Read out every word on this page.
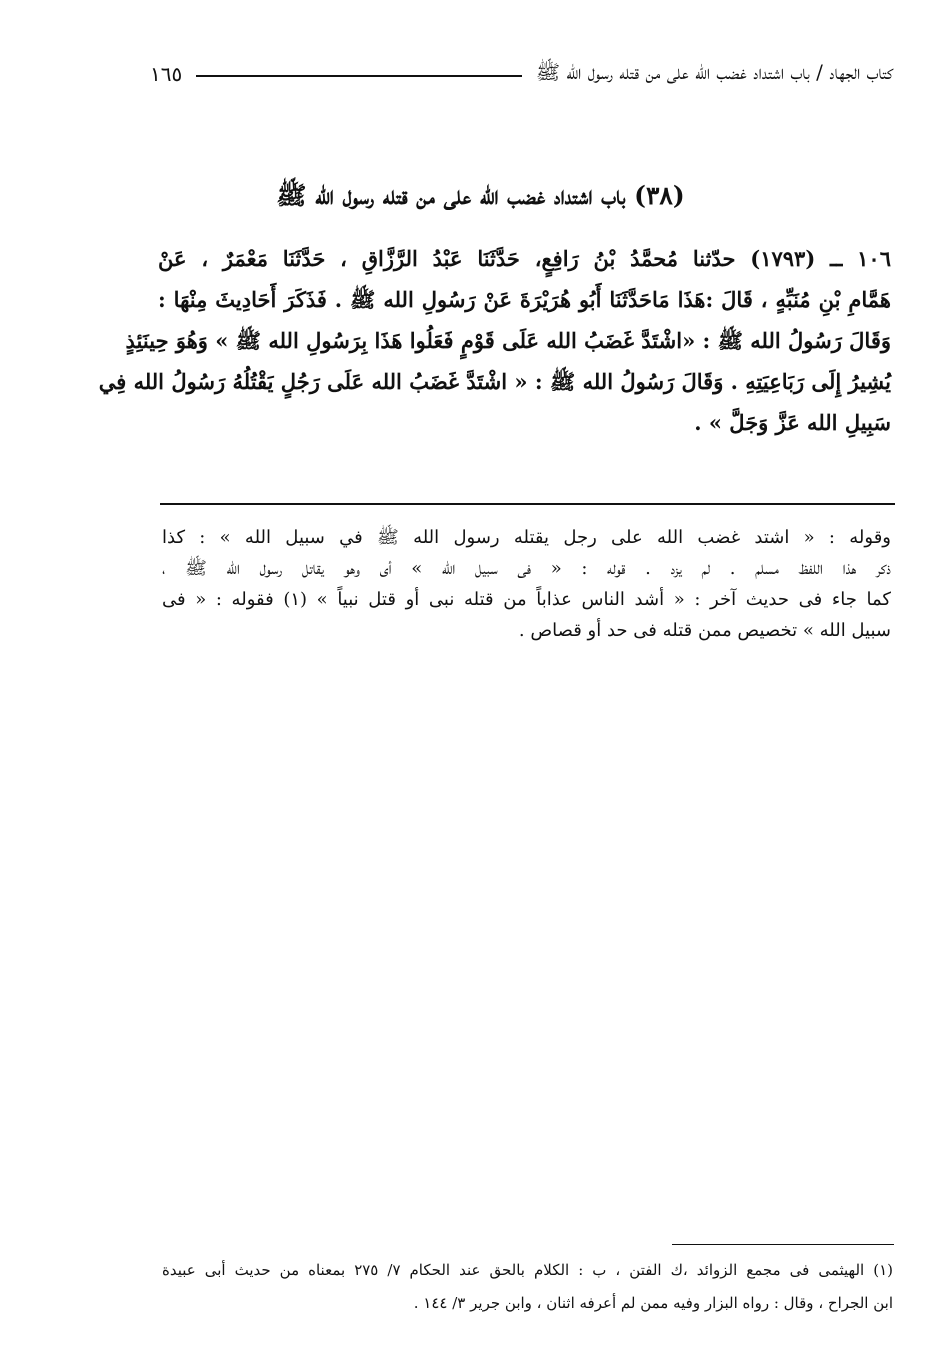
كتاب الجهاد / باب اشتداد غضب الله على من قتله رسول الله ﷺ
١٦٥
(٣٨) باب اشتداد غضب الله على من قتله رسول الله ﷺ
١٠٦ ــ (١٧٩٣) حدّثنا مُحمَّدُ بْنُ رَافِعٍ، حَدَّثَنَا عَبْدُ الرَّزَّاقِ ، حَدَّثَنَا مَعْمَرٌ ، عَنْ
هَمَّامِ بْنِ مُنَبِّهٍ ، قَالَ :هَذَا مَاحَدَّثَنَا أَبُو هُرَيْرَةَ عَنْ رَسُولِ الله ﷺ . فَذَكَرَ أَحَادِيثَ مِنْهَا :
وَقَالَ رَسُولُ الله ﷺ : «اشْتَدَّ غَضَبُ الله عَلَى قَوْمٍ فَعَلُوا هَذَا بِرَسُولِ الله ﷺ » وَهُوَ حِينَئِذٍ
يُشِيرُ إِلَى رَبَاعِيَتِهِ . وَقَالَ رَسُولُ الله ﷺ : « اشْتَدَّ غَضَبُ الله عَلَى رَجُلٍ يَقْتُلُهُ رَسُولُ الله فِي
سَبِيلِ الله عَزَّ وَجَلَّ » .
وقوله : « اشتد غضب الله على رجل يقتله رسول الله ﷺ في سبيل الله » : كذا
ذكر هذا اللفظ مسلم . لم يزد . قوله : « فى سبيل الله » أى وهو يقاتل رسول الله ﷺ ،
كما جاء فى حديث آخر : « أشد الناس عذاباً من قتله نبى أو قتل نبياً » (١) فقوله : « فى
سبيل الله » تخصيص ممن قتله فى حد أو قصاص .
(١) الهيثمى فى مجمع الزوائد ،ك الفتن ، ب : الكلام بالحق عند الحكام ٧/ ٢٧٥ بمعناه من حديث أبى عبيدة
ابن الجراح ، وقال : رواه البزار وفيه ممن لم أعرفه اثنان ، وابن جرير ٣/ ١٤٤ .
